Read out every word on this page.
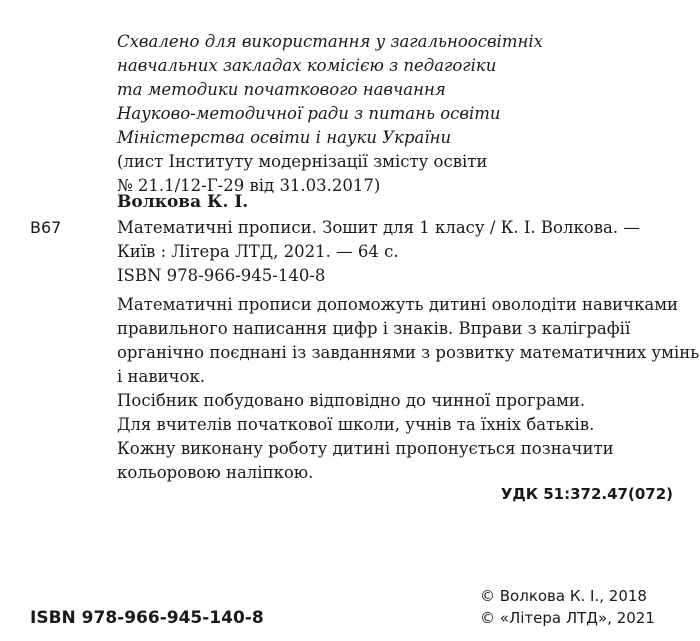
Схвалено для використання у загальноосвітніх
навчальних закладах комісією з педагогіки
та методики початкового навчання
Науково-методичної ради з питань освіти
Міністерства освіти і науки України
(лист Інституту модернізації змісту освіти
№ 21.1/12-Г-29 від 31.03.2017)
Волкова К. І.
В67	Математичні прописи. Зошит для 1 класу / К. І. Волкова. —
Київ : Літера ЛТД, 2021. — 64 с.
ISBN 978-966-945-140-8
Математичні прописи допоможуть дитині оволодіти навичками
правильного написання цифр і знаків. Вправи з каліграфії
органічно поєднані із завданнями з розвитку математичних умінь
і навичок.
Посібник побудовано відповідно до чинної програми.
Для вчителів початкової школи, учнів та їхніх батьків.
Кожну виконану роботу дитині пропонується позначити
кольоровою наліпкою.
УДК 51:372.47(072)
ISBN 978-966-945-140-8
© Волкова К. І., 2018
© «Літера ЛТД», 2021
